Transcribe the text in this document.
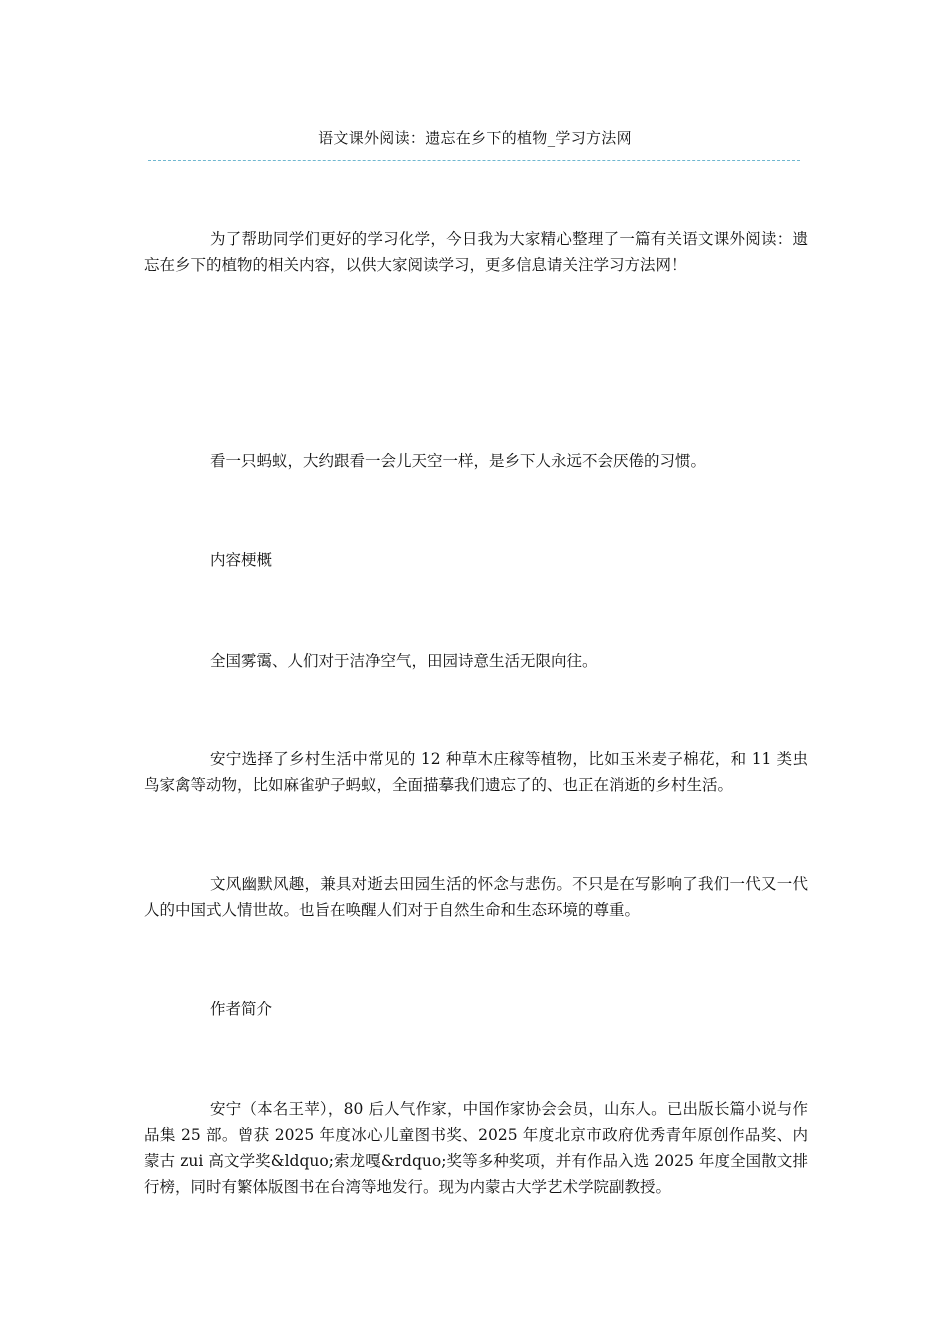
语文课外阅读：遗忘在乡下的植物_学习方法网

为了帮助同学们更好的学习化学，今日我为大家精心整理了一篇有关语文课外阅读：遗忘在乡下的植物的相关内容，以供大家阅读学习，更多信息请关注学习方法网！

看一只蚂蚁，大约跟看一会儿天空一样，是乡下人永远不会厌倦的习惯。

内容梗概

全国雾霭、人们对于洁净空气，田园诗意生活无限向往。

安宁选择了乡村生活中常见的 12 种草木庄稼等植物，比如玉米麦子棉花，和 11 类虫鸟家禽等动物，比如麻雀驴子蚂蚁，全面描摹我们遗忘了的、也正在消逝的乡村生活。

文风幽默风趣，兼具对逝去田园生活的怀念与悲伤。不只是在写影响了我们一代又一代人的中国式人情世故。也旨在唤醒人们对于自然生命和生态环境的尊重。

作者简介

安宁（本名王苹），80 后人气作家，中国作家协会会员，山东人。已出版长篇小说与作品集 25 部。曾获 2025 年度冰心儿童图书奖、2025 年度北京市政府优秀青年原创作品奖、内蒙古 zui 高文学奖&ldquo;索龙嘎&rdquo;奖等多种奖项，并有作品入选 2025 年度全国散文排行榜，同时有繁体版图书在台湾等地发行。现为内蒙古大学艺术学院副教授。
